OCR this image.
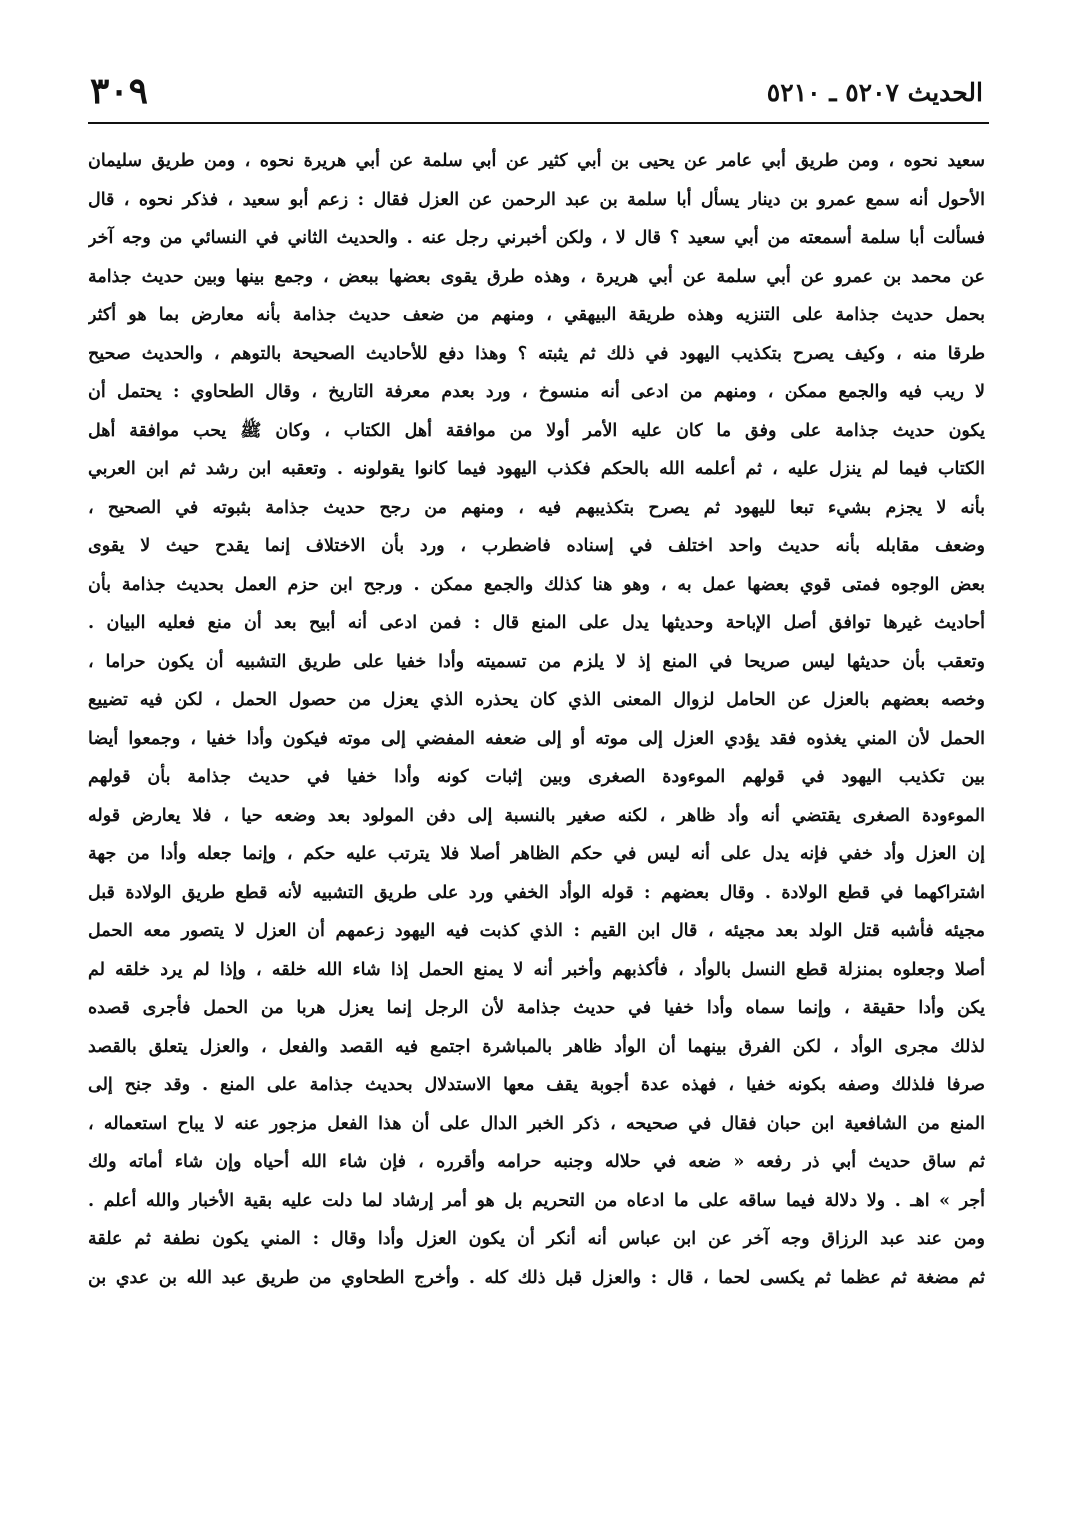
الحديث ٥٢٠٧ ـ ٥٢١٠
٣٠٩
سعيد نحوه ، ومن طريق أبي عامر عن يحيى بن أبي كثير عن أبي سلمة عن أبي هريرة نحوه ، ومن طريق سليمان
الأحول أنه سمع عمرو بن دينار يسأل أبا سلمة بن عبد الرحمن عن العزل فقال : زعم أبو سعيد ، فذكر نحوه ، قال
فسألت أبا سلمة أسمعته من أبي سعيد ؟ قال لا ، ولكن أخبرني رجل عنه . والحديث الثاني في النسائي من وجه آخر
عن محمد بن عمرو عن أبي سلمة عن أبي هريرة ، وهذه طرق يقوى بعضها ببعض ، وجمع بينها وبين حديث جذامة
بحمل حديث جذامة على التنزيه وهذه طريقة البيهقي ، ومنهم من ضعف حديث جذامة بأنه معارض بما هو أكثر
طرقا منه ، وكيف يصرح بتكذيب اليهود في ذلك ثم يثبته ؟ وهذا دفع للأحاديث الصحيحة بالتوهم ، والحديث صحيح
لا ريب فيه والجمع ممكن ، ومنهم من ادعى أنه منسوخ ، ورد بعدم معرفة التاريخ ، وقال الطحاوي : يحتمل أن
يكون حديث جذامة على وفق ما كان عليه الأمر أولا من موافقة أهل الكتاب ، وكان ﷺ يحب موافقة أهل
الكتاب فيما لم ينزل عليه ، ثم أعلمه الله بالحكم فكذب اليهود فيما كانوا يقولونه . وتعقبه ابن رشد ثم ابن العربي
بأنه لا يجزم بشيء تبعا لليهود ثم يصرح بتكذيبهم فيه ، ومنهم من رجح حديث جذامة بثبوته في الصحيح ،
وضعف مقابله بأنه حديث واحد اختلف في إسناده فاضطرب ، ورد بأن الاختلاف إنما يقدح حيث لا يقوى
بعض الوجوه فمتى قوي بعضها عمل به ، وهو هنا كذلك والجمع ممكن . ورجح ابن حزم العمل بحديث جذامة بأن
أحاديث غيرها توافق أصل الإباحة وحديثها يدل على المنع قال : فمن ادعى أنه أبيح بعد أن منع فعليه البيان .
وتعقب بأن حديثها ليس صريحا في المنع إذ لا يلزم من تسميته وأدا خفيا على طريق التشبيه أن يكون حراما ،
وخصه بعضهم بالعزل عن الحامل لزوال المعنى الذي كان يحذره الذي يعزل من حصول الحمل ، لكن فيه تضييع
الحمل لأن المني يغذوه فقد يؤدي العزل إلى موته أو إلى ضعفه المفضي إلى موته فيكون وأدا خفيا ، وجمعوا أيضا
بين تكذيب اليهود في قولهم الموءودة الصغرى وبين إثبات كونه وأدا خفيا في حديث جذامة بأن قولهم
الموءودة الصغرى يقتضي أنه وأد ظاهر ، لكنه صغير بالنسبة إلى دفن المولود بعد وضعه حيا ، فلا يعارض قوله
إن العزل وأد خفي فإنه يدل على أنه ليس في حكم الظاهر أصلا فلا يترتب عليه حكم ، وإنما جعله وأدا من جهة
اشتراكهما في قطع الولادة . وقال بعضهم : قوله الوأد الخفي ورد على طريق التشبيه لأنه قطع طريق الولادة قبل
مجيئه فأشبه قتل الولد بعد مجيئه ، قال ابن القيم : الذي كذبت فيه اليهود زعمهم أن العزل لا يتصور معه الحمل
أصلا وجعلوه بمنزلة قطع النسل بالوأد ، فأكذبهم وأخبر أنه لا يمنع الحمل إذا شاء الله خلقه ، وإذا لم يرد خلقه لم
يكن وأدا حقيقة ، وإنما سماه وأدا خفيا في حديث جذامة لأن الرجل إنما يعزل هربا من الحمل فأجرى قصده
لذلك مجرى الوأد ، لكن الفرق بينهما أن الوأد ظاهر بالمباشرة اجتمع فيه القصد والفعل ، والعزل يتعلق بالقصد
صرفا فلذلك وصفه بكونه خفيا ، فهذه عدة أجوبة يقف معها الاستدلال بحديث جذامة على المنع . وقد جنح إلى
المنع من الشافعية ابن حبان فقال في صحيحه ، ذكر الخبر الدال على أن هذا الفعل مزجور عنه لا يباح استعماله ،
ثم ساق حديث أبي ذر رفعه « ضعه في حلاله وجنبه حرامه وأقرره ، فإن شاء الله أحياه وإن شاء أماته ولك
أجر » اهـ . ولا دلالة فيما ساقه على ما ادعاه من التحريم بل هو أمر إرشاد لما دلت عليه بقية الأخبار والله أعلم .
ومن عند عبد الرزاق وجه آخر عن ابن عباس أنه أنكر أن يكون العزل وأدا وقال : المني يكون نطفة ثم علقة
ثم مضغة ثم عظما ثم يكسى لحما ، قال : والعزل قبل ذلك كله . وأخرج الطحاوي من طريق عبد الله بن عدي بن
